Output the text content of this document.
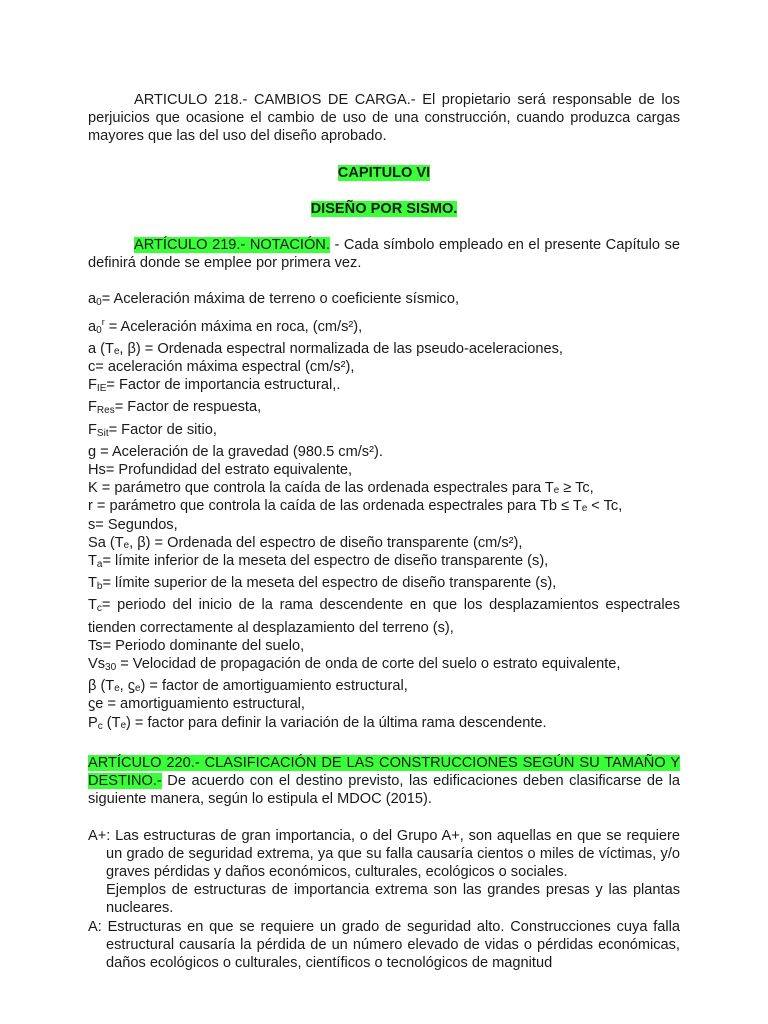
ARTICULO 218.- CAMBIOS DE CARGA.- El propietario será responsable de los perjuicios que ocasione el cambio de uso de una construcción, cuando produzca cargas mayores que las del uso del diseño aprobado.

CAPITULO VI

DISEÑO POR SISMO.

ARTÍCULO 219.- NOTACIÓN. - Cada símbolo empleado en el presente Capítulo se definirá donde se emplee por primera vez.

$a_0=$ Aceleración máxima de terreno o coeficiente sísmico,

$a_0^r$ = Aceleración máxima en roca, (cm/s²),

a (Tₑ, β) = Ordenada espectral normalizada de las pseudo-aceleraciones,

c= aceleración máxima espectral (cm/s²),

$F_{IE}=$ Factor de importancia estructural,.

$F_{Res}=$ Factor de respuesta,

$F_{Sit}=$ Factor de sitio,

g = Aceleración de la gravedad (980.5 cm/s²).

Hs= Profundidad del estrato equivalente,

K = parámetro que controla la caída de las ordenada espectrales para Tₑ ≥ Tc,

r = parámetro que controla la caída de las ordenada espectrales para Tb ≤ Tₑ < Tc,

s= Segundos,

Sa (Tₑ, β) = Ordenada del espectro de diseño transparente (cm/s²),

$T_a=$ límite inferior de la meseta del espectro de diseño transparente (s),

$T_b=$ límite superior de la meseta del espectro de diseño transparente (s),

$T_c=$ periodo del inicio de la rama descendente en que los desplazamientos espectrales tienden correctamente al desplazamiento del terreno (s),

Ts= Periodo dominante del suelo,

$Vs_{30}$ = Velocidad de propagación de onda de corte del suelo o estrato equivalente,

β (Tₑ, ϛₑ) = factor de amortiguamiento estructural,

ϛe = amortiguamiento estructural,

$P_c$ (Tₑ) = factor para definir la variación de la última rama descendente.

ARTÍCULO 220.- CLASIFICACIÓN DE LAS CONSTRUCCIONES SEGÚN SU TAMAÑO Y DESTINO.- De acuerdo con el destino previsto, las edificaciones deben clasificarse de la siguiente manera, según lo estipula el MDOC (2015).

A+: Las estructuras de gran importancia, o del Grupo A+, son aquellas en que se requiere un grado de seguridad extrema, ya que su falla causaría cientos o miles de víctimas, y/o graves pérdidas y daños económicos, culturales, ecológicos o sociales.

Ejemplos de estructuras de importancia extrema son las grandes presas y las plantas nucleares.

A: Estructuras en que se requiere un grado de seguridad alto. Construcciones cuya falla estructural causaría la pérdida de un número elevado de vidas o pérdidas económicas, daños ecológicos o culturales, científicos o tecnológicos de magnitud
